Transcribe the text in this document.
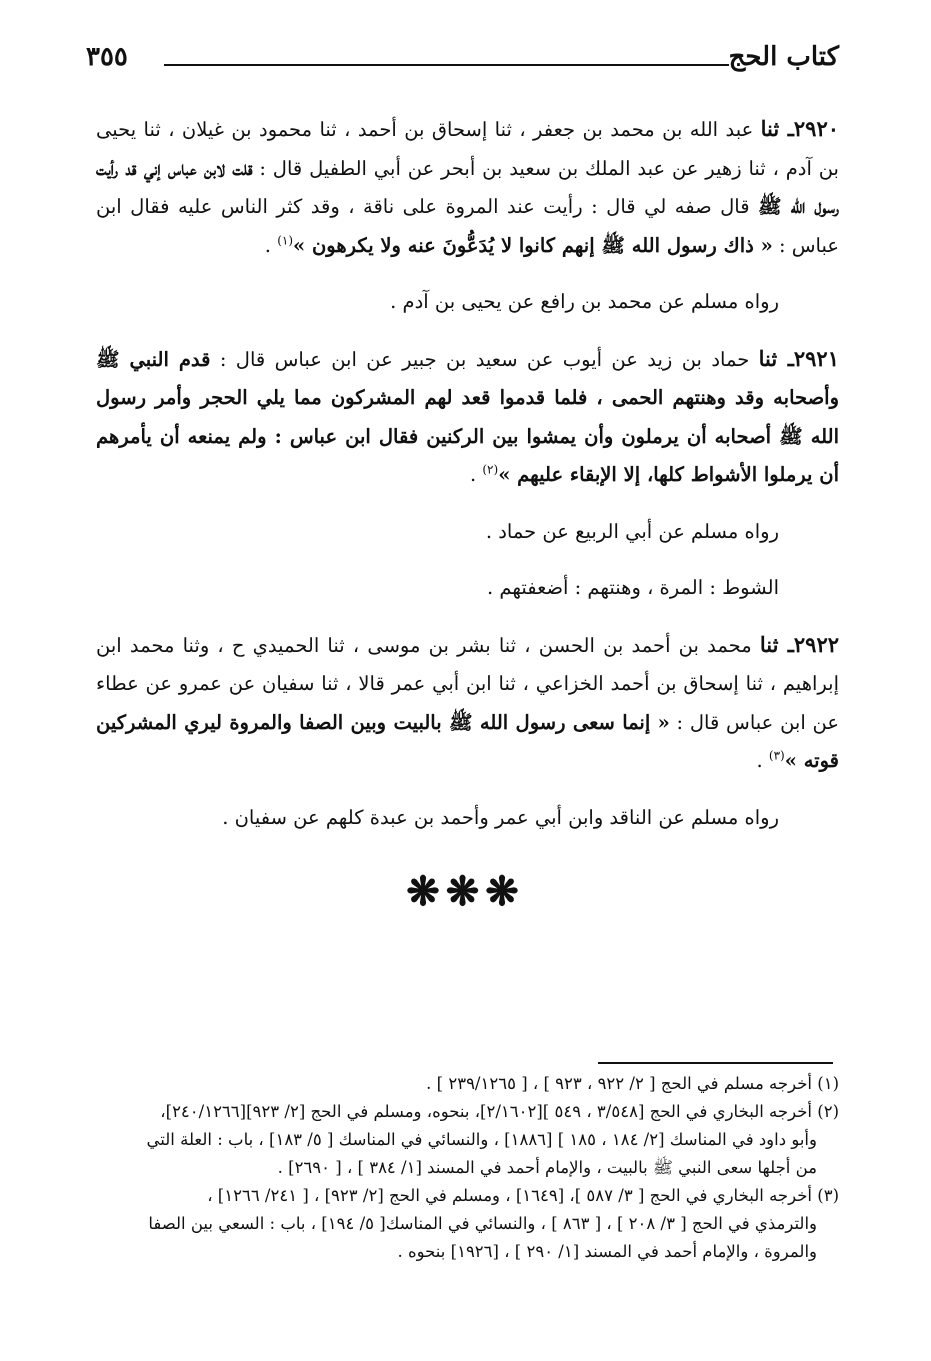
كتاب الحج
٣٥٥

٢٩٢٠ـ ثنا عبد الله بن محمد بن جعفر ، ثنا إسحاق بن أحمد ، ثنا محمود بن غيلان ، ثنا يحيى بن آدم ، ثنا زهير عن عبد الملك بن سعيد بن أبحر عن أبي الطفيل قال : قلت لابن عباس إني قد رأيت رسول الله ﷺ قال صفه لي قال : رأيت عند المروة على ناقة ، وقد كثر الناس عليه فقال ابن عباس : « ذاك رسول الله ﷺ إنهم كانوا لا يُدَعُّونَ عنه ولا يكرهون »$^{(١)}$ .

رواه مسلم عن محمد بن رافع عن يحيى بن آدم .

٢٩٢١ـ ثنا حماد بن زيد عن أيوب عن سعيد بن جبير عن ابن عباس قال : قدم النبي ﷺ وأصحابه وقد وهنتهم الحمى ، فلما قدموا قعد لهم المشركون مما يلي الحجر وأمر رسول الله ﷺ أصحابه أن يرملون وأن يمشوا بين الركنين فقال ابن عباس : ولم يمنعه أن يأمرهم أن يرملوا الأشواط كلها، إلا الإبقاء عليهم »$^{(٢)}$ .

رواه مسلم عن أبي الربيع عن حماد .

الشوط : المرة ، وهنتهم : أضعفتهم .

٢٩٢٢ـ ثنا محمد بن أحمد بن الحسن ، ثنا بشر بن موسى ، ثنا الحميدي ح ، وثنا محمد ابن إبراهيم ، ثنا إسحاق بن أحمد الخزاعي ، ثنا ابن أبي عمر قالا ، ثنا سفيان عن عمرو عن عطاء عن ابن عباس قال : « إنما سعى رسول الله ﷺ بالبيت وبين الصفا والمروة ليري المشركين قوته »$^{(٣)}$ .

رواه مسلم عن الناقد وابن أبي عمر وأحمد بن عبدة كلهم عن سفيان .

❋❋❋

(١) أخرجه مسلم في الحج [ ٢/ ٩٢٢ ، ٩٢٣ ] ، [ ٢٣٩/١٢٦٥ ] .

(٢) أخرجه البخاري في الحج [٣/٥٤٨ ، ٥٤٩ ][٢/١٦٠٢]، بنحوه، ومسلم في الحج [٢/ ٩٢٣][٢٤٠/١٢٦٦]،

وأبو داود في المناسك [٢/ ١٨٤ ، ١٨٥ ] [١٨٨٦] ، والنسائي في المناسك [ ٥/ ١٨٣] ، باب : العلة التي

من أجلها سعى النبي ﷺ بالبيت ، والإمام أحمد في المسند [١/ ٣٨٤ ] ، [ ٢٦٩٠] .

(٣) أخرجه البخاري في الحج [ ٣/ ٥٨٧ ]، [١٦٤٩] ، ومسلم في الحج [٢/ ٩٢٣] ، [ ٢٤١/ ١٢٦٦] ،

والترمذي في الحج [ ٣/ ٢٠٨ ] ، [ ٨٦٣ ] ، والنسائي في المناسك[ ٥/ ١٩٤] ، باب : السعي بين الصفا

والمروة ، والإمام أحمد في المسند [١/ ٢٩٠ ] ، [١٩٢٦] بنحوه .
